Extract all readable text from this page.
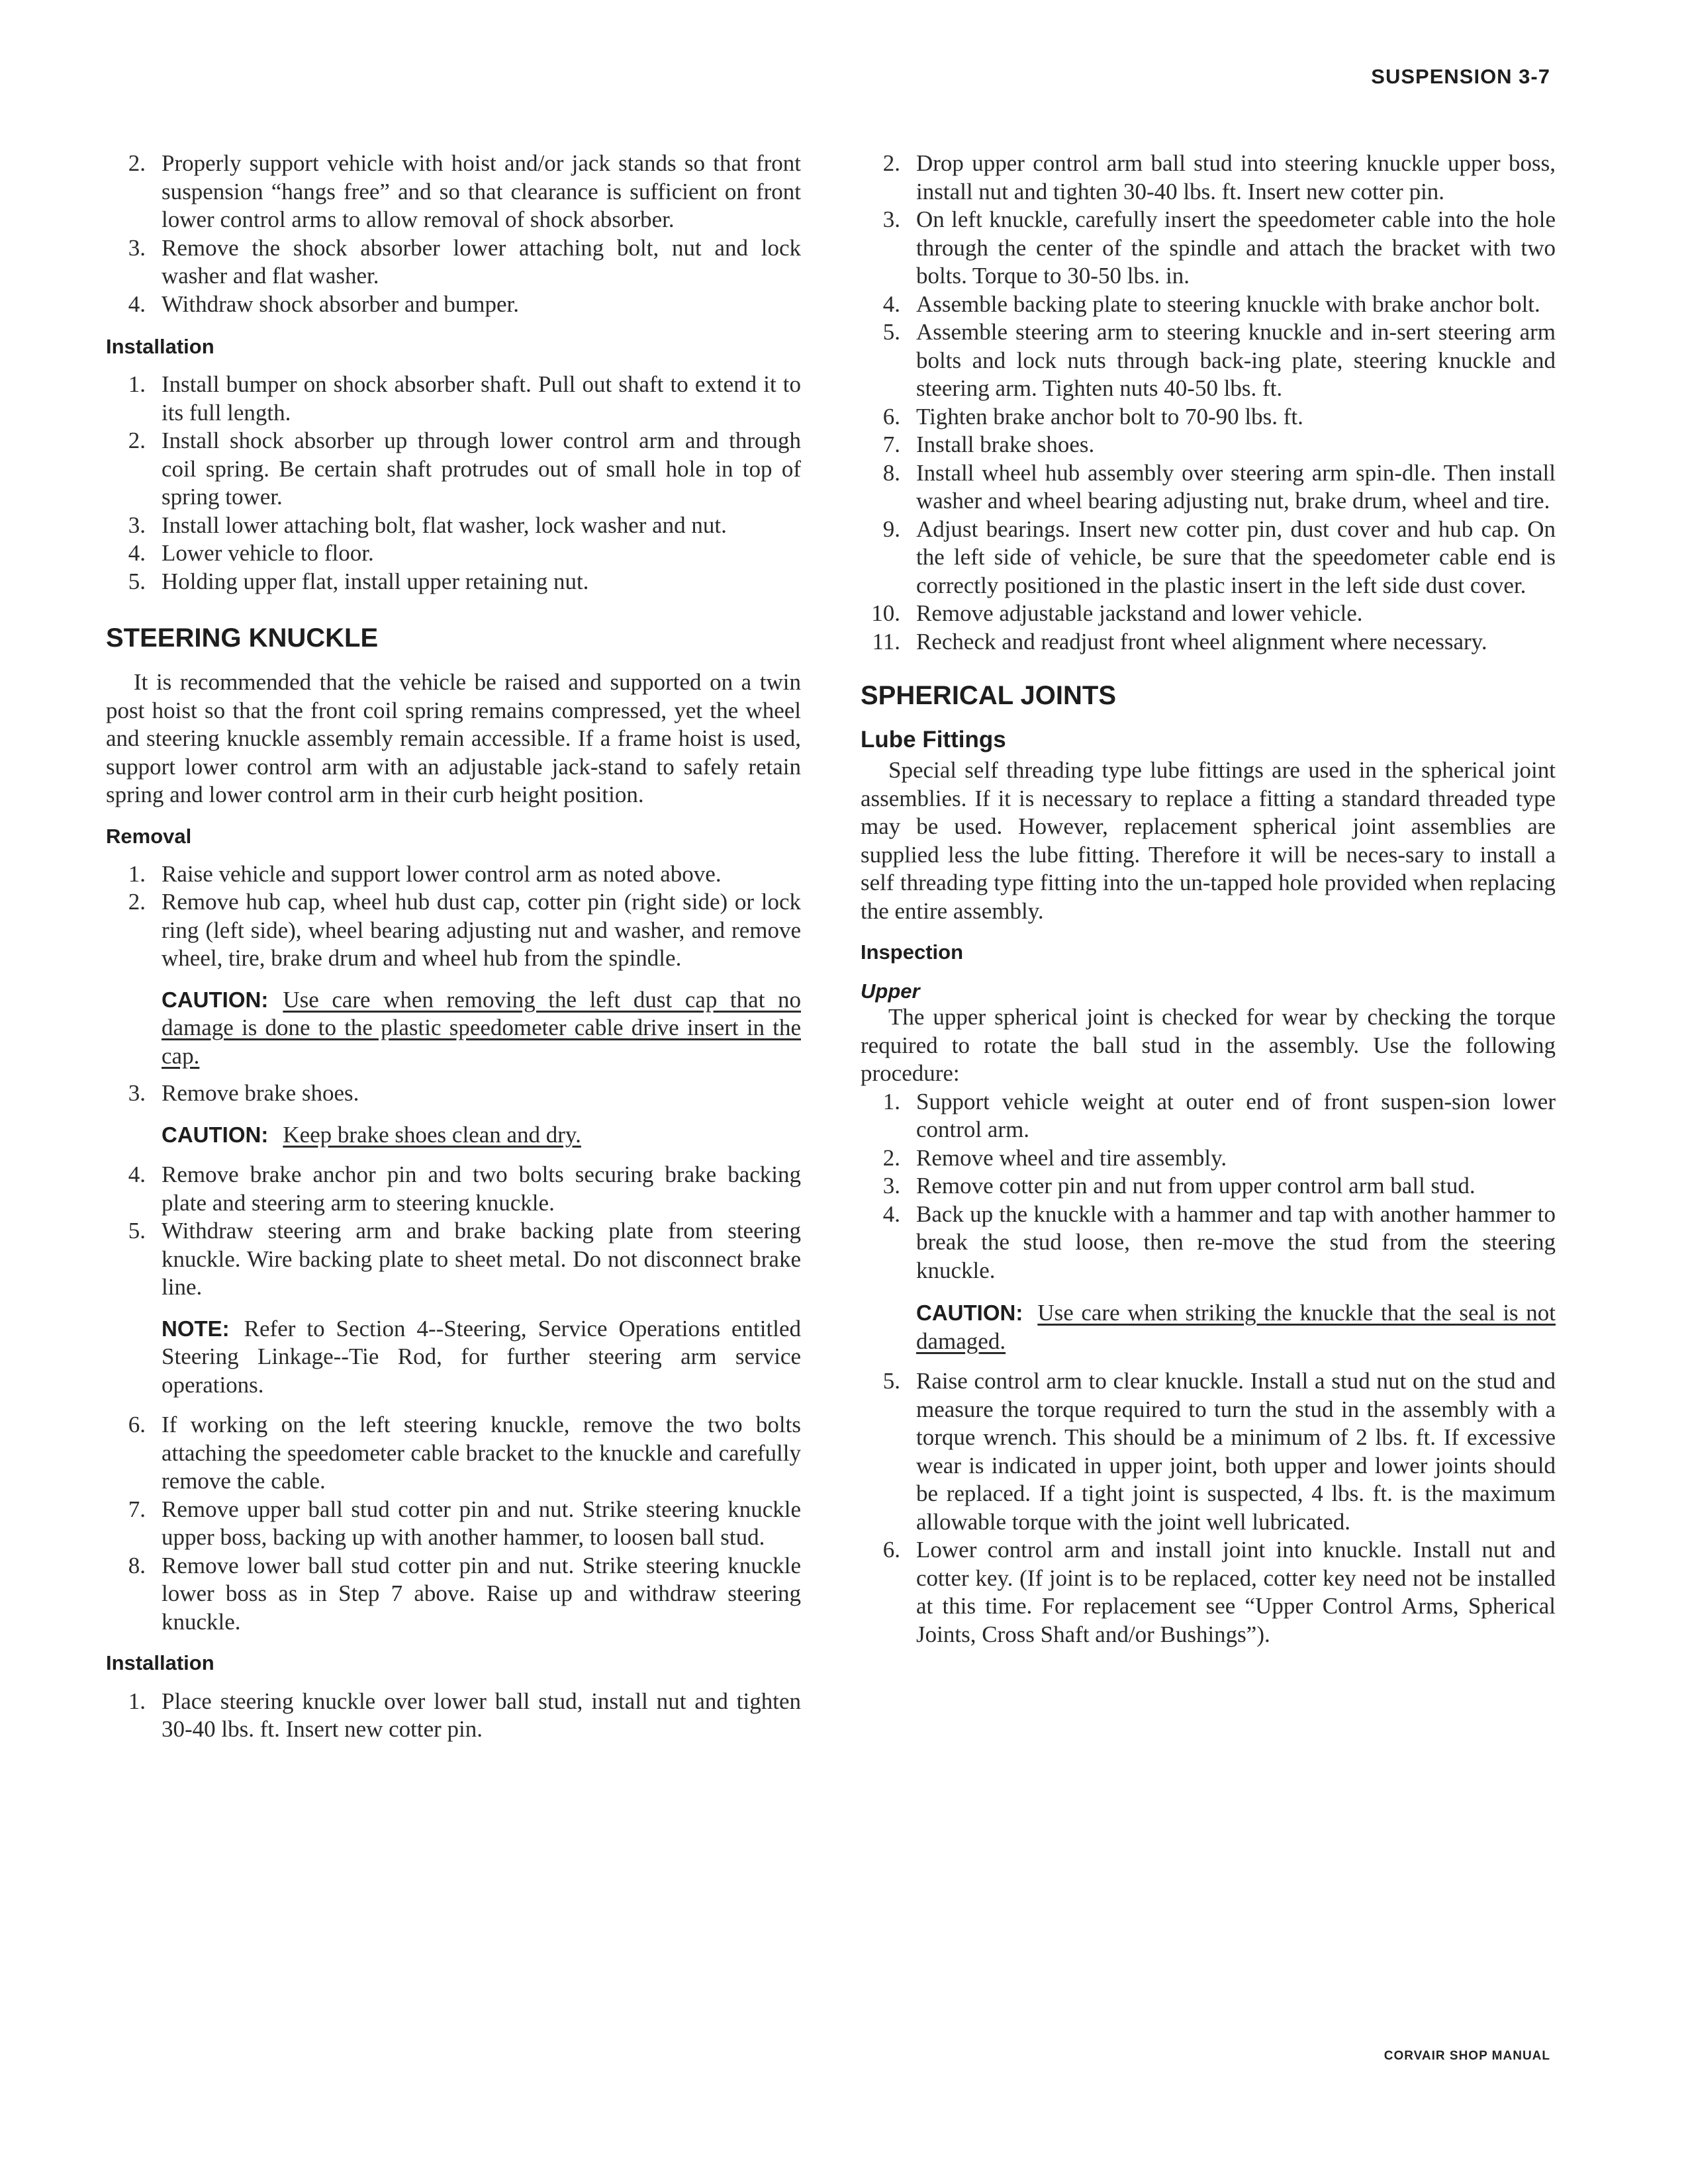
SUSPENSION 3-7
2. Properly support vehicle with hoist and/or jack stands so that front suspension “hangs free” and so that clearance is sufficient on front lower control arms to allow removal of shock absorber.
3. Remove the shock absorber lower attaching bolt, nut and lock washer and flat washer.
4. Withdraw shock absorber and bumper.
Installation
1. Install bumper on shock absorber shaft. Pull out shaft to extend it to its full length.
2. Install shock absorber up through lower control arm and through coil spring. Be certain shaft protrudes out of small hole in top of spring tower.
3. Install lower attaching bolt, flat washer, lock washer and nut.
4. Lower vehicle to floor.
5. Holding upper flat, install upper retaining nut.
STEERING KNUCKLE

It is recommended that the vehicle be raised and supported on a twin post hoist so that the front coil spring remains compressed, yet the wheel and steering knuckle assembly remain accessible. If a frame hoist is used, support lower control arm with an adjustable jack-stand to safely retain spring and lower control arm in their curb height position.

Removal
1. Raise vehicle and support lower control arm as noted above.
2. Remove hub cap, wheel hub dust cap, cotter pin (right side) or lock ring (left side), wheel bearing adjusting nut and washer, and remove wheel, tire, brake drum and wheel hub from the spindle.
CAUTION: Use care when removing the left dust cap that no damage is done to the plastic speedometer cable drive insert in the cap.
3. Remove brake shoes.
CAUTION: Keep brake shoes clean and dry.
4. Remove brake anchor pin and two bolts securing brake backing plate and steering arm to steering knuckle.
5. Withdraw steering arm and brake backing plate from steering knuckle. Wire backing plate to sheet metal. Do not disconnect brake line.
NOTE: Refer to Section 4--Steering, Service Operations entitled Steering Linkage--Tie Rod, for further steering arm service operations.
6. If working on the left steering knuckle, remove the two bolts attaching the speedometer cable bracket to the knuckle and carefully remove the cable.
7. Remove upper ball stud cotter pin and nut. Strike steering knuckle upper boss, backing up with another hammer, to loosen ball stud.
8. Remove lower ball stud cotter pin and nut. Strike steering knuckle lower boss as in Step 7 above. Raise up and withdraw steering knuckle.
Installation
1. Place steering knuckle over lower ball stud, install nut and tighten 30-40 lbs. ft. Insert new cotter pin.
2. Drop upper control arm ball stud into steering knuckle upper boss, install nut and tighten 30-40 lbs. ft. Insert new cotter pin.
3. On left knuckle, carefully insert the speedometer cable into the hole through the center of the spindle and attach the bracket with two bolts. Torque to 30-50 lbs. in.
4. Assemble backing plate to steering knuckle with brake anchor bolt.
5. Assemble steering arm to steering knuckle and in-sert steering arm bolts and lock nuts through back-ing plate, steering knuckle and steering arm. Tighten nuts 40-50 lbs. ft.
6. Tighten brake anchor bolt to 70-90 lbs. ft.
7. Install brake shoes.
8. Install wheel hub assembly over steering arm spin-dle. Then install washer and wheel bearing adjusting nut, brake drum, wheel and tire.
9. Adjust bearings. Insert new cotter pin, dust cover and hub cap. On the left side of vehicle, be sure that the speedometer cable end is correctly positioned in the plastic insert in the left side dust cover.
10. Remove adjustable jackstand and lower vehicle.
11. Recheck and readjust front wheel alignment where necessary.
SPHERICAL JOINTS
Lube Fittings

Special self threading type lube fittings are used in the spherical joint assemblies. If it is necessary to replace a fitting a standard threaded type may be used. However, replacement spherical joint assemblies are supplied less the lube fitting. Therefore it will be neces-sary to install a self threading type fitting into the un-tapped hole provided when replacing the entire assembly.

Inspection
Upper

The upper spherical joint is checked for wear by checking the torque required to rotate the ball stud in the assembly. Use the following procedure:

1. Support vehicle weight at outer end of front suspen-sion lower control arm.
2. Remove wheel and tire assembly.
3. Remove cotter pin and nut from upper control arm ball stud.
4. Back up the knuckle with a hammer and tap with another hammer to break the stud loose, then re-move the stud from the steering knuckle.
CAUTION: Use care when striking the knuckle that the seal is not damaged.
5. Raise control arm to clear knuckle. Install a stud nut on the stud and measure the torque required to turn the stud in the assembly with a torque wrench. This should be a minimum of 2 lbs. ft. If excessive wear is indicated in upper joint, both upper and lower joints should be replaced. If a tight joint is suspected, 4 lbs. ft. is the maximum allowable torque with the joint well lubricated.
6. Lower control arm and install joint into knuckle. Install nut and cotter key. (If joint is to be replaced, cotter key need not be installed at this time. For replacement see “Upper Control Arms, Spherical Joints, Cross Shaft and/or Bushings”).
CORVAIR SHOP MANUAL
